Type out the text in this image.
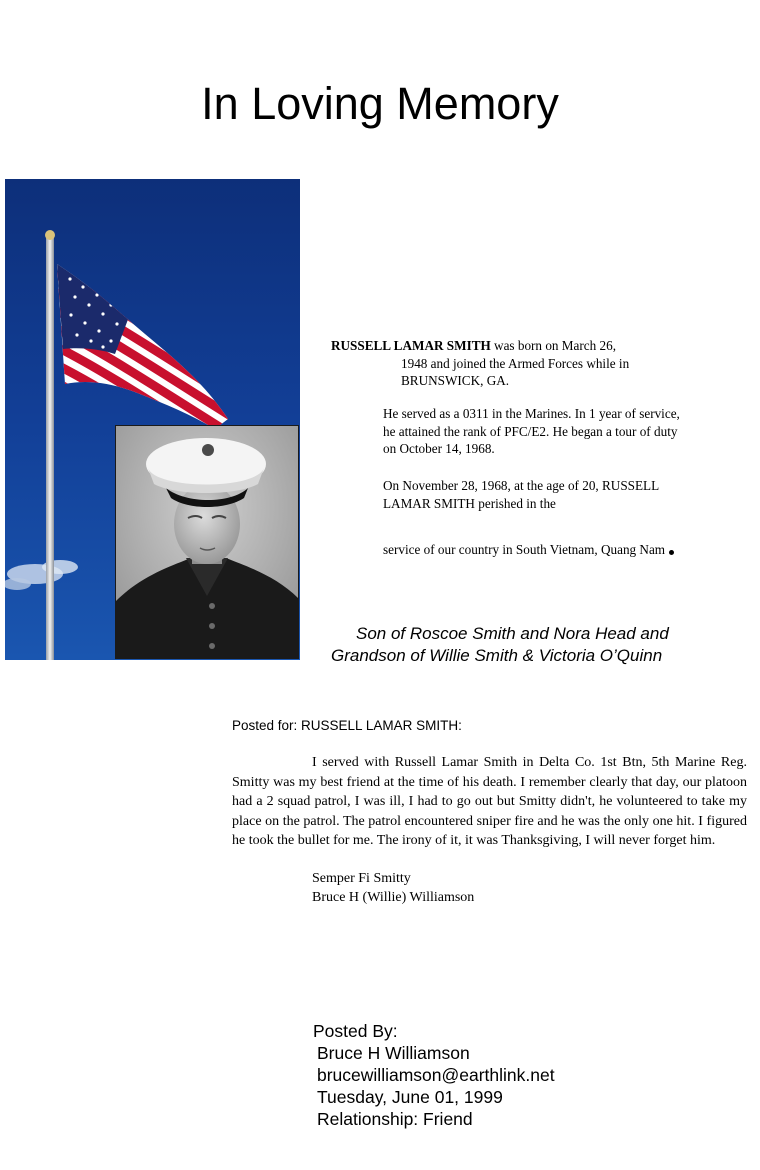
In Loving Memory
RUSSELL LAMAR SMITH was born on March 26,
1948 and joined the Armed Forces while in
BRUNSWICK, GA.
He served as a 0311 in the Marines. In 1 year of service, he attained the rank of PFC/E2. He began a tour of duty on October 14, 1968.
On November 28, 1968, at the age of 20, RUSSELL LAMAR SMITH perished in the
service of our country in South Vietnam, Quang Nam
Son of Roscoe Smith and Nora Head and
Grandson of Willie Smith & Victoria O’Quinn
Posted for: RUSSELL LAMAR SMITH:

I served with Russell Lamar Smith in Delta Co. 1st Btn, 5th Marine Reg. Smitty was my best friend at the time of his death. I remember clearly that day, our platoon had a 2 squad patrol, I was ill, I had to go out but Smitty didn't, he volunteered to take my place on the patrol. The patrol encountered sniper fire and he was the only one hit. I figured he took the bullet for me. The irony of it, it was Thanksgiving, I will never forget him.

Semper Fi Smitty
Bruce H (Willie) Williamson
Posted By:
Bruce H Williamson
brucewilliamson@earthlink.net
Tuesday, June 01, 1999
Relationship: Friend
